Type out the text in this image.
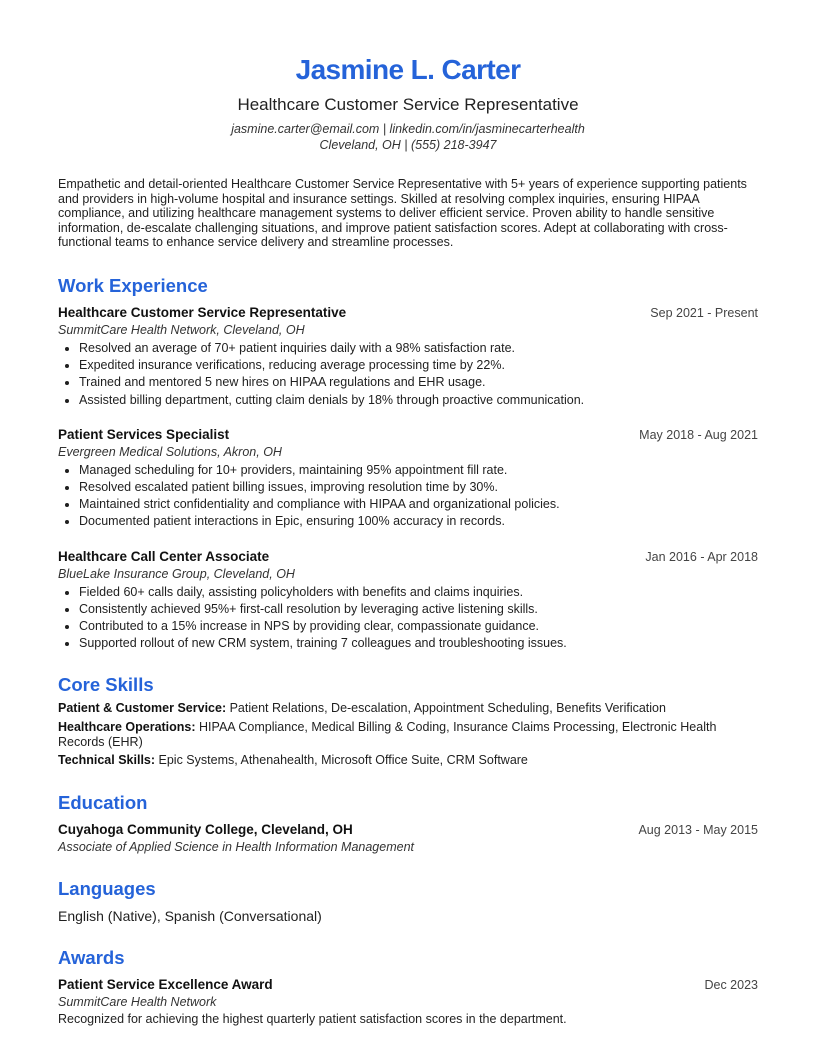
Jasmine L. Carter
Healthcare Customer Service Representative
jasmine.carter@email.com | linkedin.com/in/jasminecarterhealth
Cleveland, OH | (555) 218-3947
Empathetic and detail-oriented Healthcare Customer Service Representative with 5+ years of experience supporting patients and providers in high-volume hospital and insurance settings. Skilled at resolving complex inquiries, ensuring HIPAA compliance, and utilizing healthcare management systems to deliver efficient service. Proven ability to handle sensitive information, de-escalate challenging situations, and improve patient satisfaction scores. Adept at collaborating with cross-functional teams to enhance service delivery and streamline processes.
Work Experience
Healthcare Customer Service Representative	Sep 2021 - Present
SummitCare Health Network, Cleveland, OH
• Resolved an average of 70+ patient inquiries daily with a 98% satisfaction rate.
• Expedited insurance verifications, reducing average processing time by 22%.
• Trained and mentored 5 new hires on HIPAA regulations and EHR usage.
• Assisted billing department, cutting claim denials by 18% through proactive communication.
Patient Services Specialist	May 2018 - Aug 2021
Evergreen Medical Solutions, Akron, OH
• Managed scheduling for 10+ providers, maintaining 95% appointment fill rate.
• Resolved escalated patient billing issues, improving resolution time by 30%.
• Maintained strict confidentiality and compliance with HIPAA and organizational policies.
• Documented patient interactions in Epic, ensuring 100% accuracy in records.
Healthcare Call Center Associate	Jan 2016 - Apr 2018
BlueLake Insurance Group, Cleveland, OH
• Fielded 60+ calls daily, assisting policyholders with benefits and claims inquiries.
• Consistently achieved 95%+ first-call resolution by leveraging active listening skills.
• Contributed to a 15% increase in NPS by providing clear, compassionate guidance.
• Supported rollout of new CRM system, training 7 colleagues and troubleshooting issues.
Core Skills
Patient & Customer Service: Patient Relations, De-escalation, Appointment Scheduling, Benefits Verification
Healthcare Operations: HIPAA Compliance, Medical Billing & Coding, Insurance Claims Processing, Electronic Health Records (EHR)
Technical Skills: Epic Systems, Athenahealth, Microsoft Office Suite, CRM Software
Education
Cuyahoga Community College, Cleveland, OH	Aug 2013 - May 2015
Associate of Applied Science in Health Information Management
Languages
English (Native), Spanish (Conversational)
Awards
Patient Service Excellence Award	Dec 2023
SummitCare Health Network
Recognized for achieving the highest quarterly patient satisfaction scores in the department.
